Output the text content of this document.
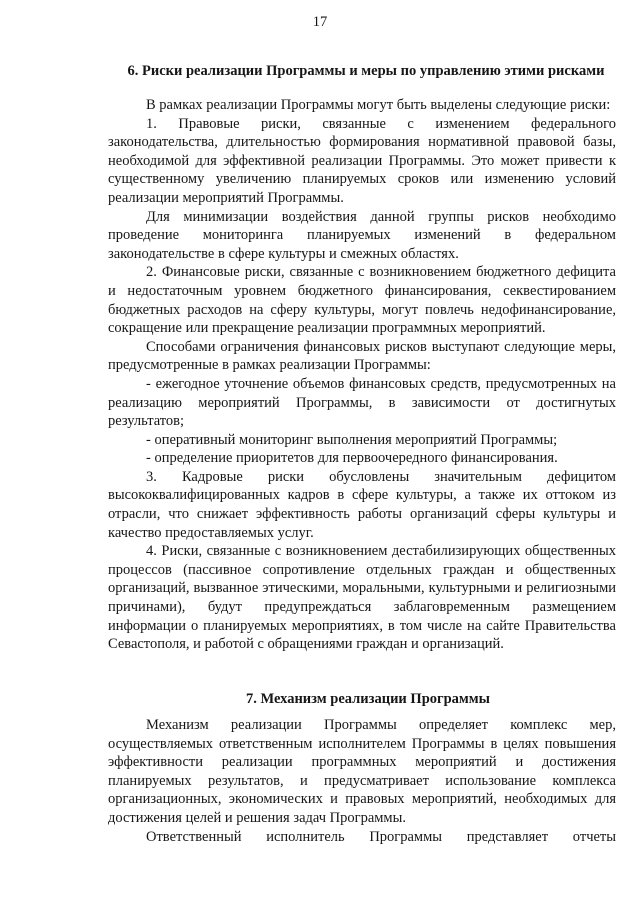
17
6. Риски реализации Программы и меры по управлению этими рисками

В рамках реализации Программы могут быть выделены следующие риски:

1. Правовые риски, связанные с изменением федерального законодательства, длительностью формирования нормативной правовой базы, необходимой для эффективной реализации Программы. Это может привести к существенному увеличению планируемых сроков или изменению условий реализации мероприятий Программы.

Для минимизации воздействия данной группы рисков необходимо проведение мониторинга планируемых изменений в федеральном законодательстве в сфере культуры и смежных областях.

2. Финансовые риски, связанные с возникновением бюджетного дефицита и недостаточным уровнем бюджетного финансирования, секвестированием бюджетных расходов на сферу культуры, могут повлечь недофинансирование, сокращение или прекращение реализации программных мероприятий.

Способами ограничения финансовых рисков выступают следующие меры, предусмотренные в рамках реализации Программы:

- ежегодное уточнение объемов финансовых средств, предусмотренных на реализацию мероприятий Программы, в зависимости от достигнутых результатов;

- оперативный мониторинг выполнения мероприятий Программы;

- определение приоритетов для первоочередного финансирования.

3. Кадровые риски обусловлены значительным дефицитом высококвалифицированных кадров в сфере культуры, а также их оттоком из отрасли, что снижает эффективность работы организаций сферы культуры и качество предоставляемых услуг.

4. Риски, связанные с возникновением дестабилизирующих общественных процессов (пассивное сопротивление отдельных граждан и общественных организаций, вызванное этическими, моральными, культурными и религиозными причинами), будут предупреждаться заблаговременным размещением информации о планируемых мероприятиях, в том числе на сайте Правительства Севастополя, и работой с обращениями граждан и организаций.

7. Механизм реализации Программы

Механизм реализации Программы определяет комплекс мер, осуществляемых ответственным исполнителем Программы в целях повышения эффективности реализации программных мероприятий и достижения планируемых результатов, и предусматривает использование комплекса организационных, экономических и правовых мероприятий, необходимых для достижения целей и решения задач Программы.

Ответственный исполнитель Программы представляет отчеты
